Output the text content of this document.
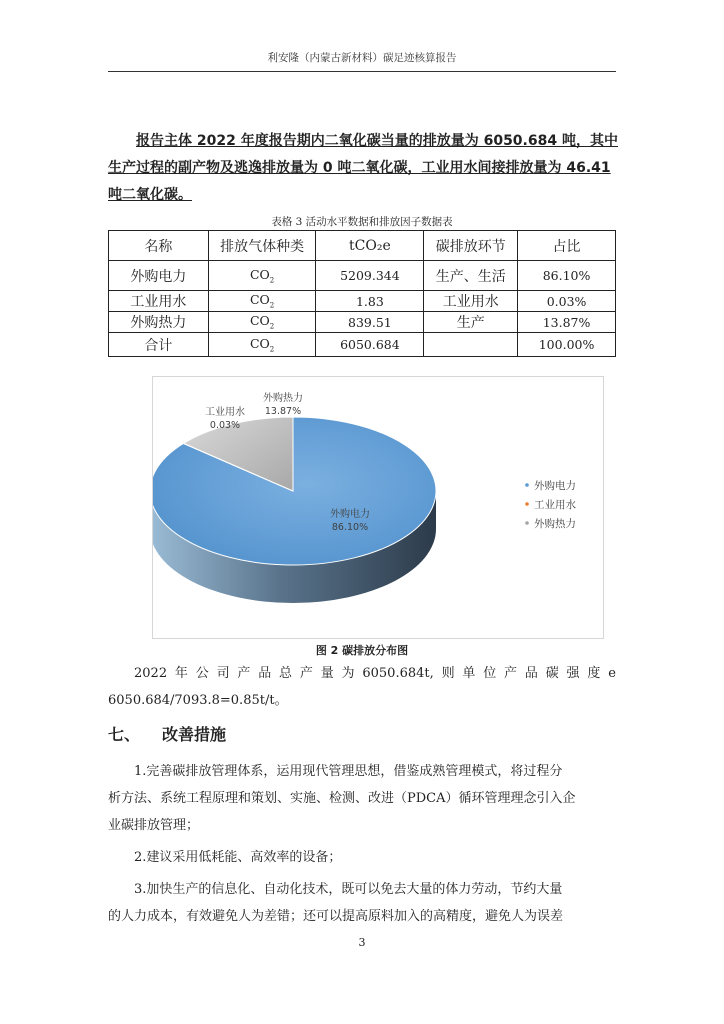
利安隆（内蒙古新材料）碳足迹核算报告
报告主体 2022 年度报告期内二氧化碳当量的排放量为 6050.684 吨，其中
生产过程的副产物及逃逸排放量为 0 吨二氧化碳，工业用水间接排放量为 46.41
吨二氧化碳。
表格 3 活动水平数据和排放因子数据表
名称	排放气体种类	tCO₂e	碳排放环节	占比
外购电力	$CO_2$	5209.344	生产、生活	86.10%
工业用水	$CO_2$	1.83	工业用水	0.03%
外购热力	$CO_2$	839.51	生产	13.87%
合计	$CO_2$	6050.684		100.00%
外购电力
86.10%
工业用水
0.03%
外购热力
13.87%
外购电力
工业用水
外购热力
图 2 碳排放分布图
2022 年 公 司 产 品 总 产 量 为 6050.684t, 则 单 位 产 品 碳 强 度 e
6050.684/7093.8=0.85t/t。
七、 改善措施
1.完善碳排放管理体系，运用现代管理思想，借鉴成熟管理模式，将过程分
析方法、系统工程原理和策划、实施、检测、改进（PDCA）循环管理理念引入企
业碳排放管理；
2.建议采用低耗能、高效率的设备；
3.加快生产的信息化、自动化技术，既可以免去大量的体力劳动，节约大量
的人力成本，有效避免人为差错；还可以提高原料加入的高精度，避免人为误差
3
